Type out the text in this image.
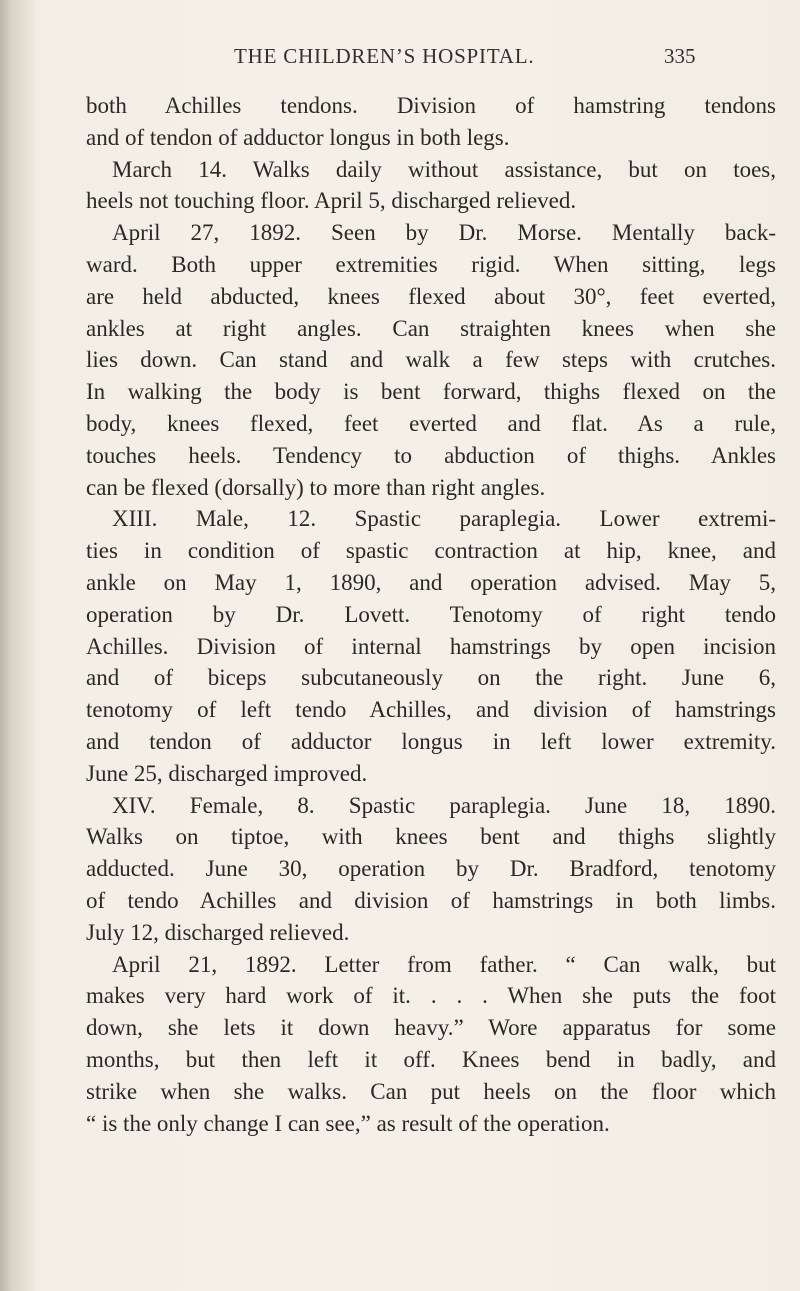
THE CHILDREN’S HOSPITAL.	335
both Achilles tendons. Division of hamstring tendons
and of tendon of adductor longus in both legs.
March 14. Walks daily without assistance, but on toes,
heels not touching floor. April 5, discharged relieved.
April 27, 1892. Seen by Dr. Morse. Mentally back-
ward. Both upper extremities rigid. When sitting, legs
are held abducted, knees flexed about 30°, feet everted,
ankles at right angles. Can straighten knees when she
lies down. Can stand and walk a few steps with crutches.
In walking the body is bent forward, thighs flexed on the
body, knees flexed, feet everted and flat. As a rule,
touches heels. Tendency to abduction of thighs. Ankles
can be flexed (dorsally) to more than right angles.
XIII. Male, 12. Spastic paraplegia. Lower extremi-
ties in condition of spastic contraction at hip, knee, and
ankle on May 1, 1890, and operation advised. May 5,
operation by Dr. Lovett. Tenotomy of right tendo
Achilles. Division of internal hamstrings by open incision
and of biceps subcutaneously on the right. June 6,
tenotomy of left tendo Achilles, and division of hamstrings
and tendon of adductor longus in left lower extremity.
June 25, discharged improved.
XIV. Female, 8. Spastic paraplegia. June 18, 1890.
Walks on tiptoe, with knees bent and thighs slightly
adducted. June 30, operation by Dr. Bradford, tenotomy
of tendo Achilles and division of hamstrings in both limbs.
July 12, discharged relieved.
April 21, 1892. Letter from father. “ Can walk, but
makes very hard work of it. . . . When she puts the foot
down, she lets it down heavy.” Wore apparatus for some
months, but then left it off. Knees bend in badly, and
strike when she walks. Can put heels on the floor which
“ is the only change I can see,” as result of the operation.
